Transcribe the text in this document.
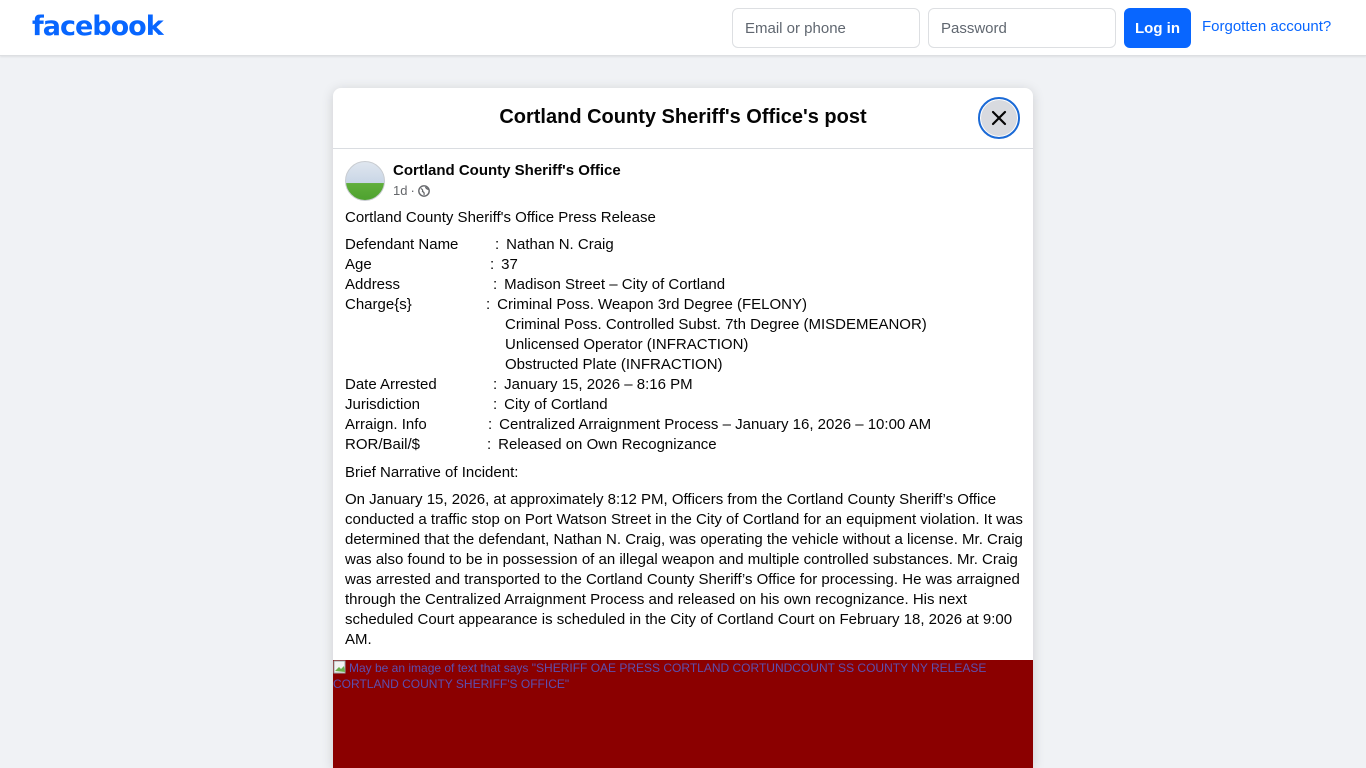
facebook
Email or phone	Log in	Forgotten account?
Cortland County Sheriff's Office's post
Cortland County Sheriff's Office
1d ·
Cortland County Sheriff's Office Press Release
Defendant Name	: Nathan N. Craig
Age	: 37
Address	: Madison Street – City of Cortland
Charge{s}	: Criminal Poss. Weapon 3rd Degree (FELONY)
Criminal Poss. Controlled Subst. 7th Degree (MISDEMEANOR)
Unlicensed Operator (INFRACTION)
Obstructed Plate (INFRACTION)
Date Arrested	: January 15, 2026 – 8:16 PM
Jurisdiction	: City of Cortland
Arraign. Info	: Centralized Arraignment Process – January 16, 2026 – 10:00 AM
ROR/Bail/$	: Released on Own Recognizance
Brief Narrative of Incident:
On January 15, 2026, at approximately 8:12 PM, Officers from the Cortland County Sheriff’s Office conducted a traffic stop on Port Watson Street in the City of Cortland for an equipment violation. It was determined that the defendant, Nathan N. Craig, was operating the vehicle without a license. Mr. Craig was also found to be in possession of an illegal weapon and multiple controlled substances. Mr. Craig was arrested and transported to the Cortland County Sheriff’s Office for processing. He was arraigned through the Centralized Arraignment Process and released on his own recognizance. His next scheduled Court appearance is scheduled in the City of Cortland Court on February 18, 2026 at 9:00 AM.
May be an image of text that says "SHERIFF OAE PRESS CORTLAND CORTUNDCOUNT SS COUNTY NY RELEASE CORTLAND COUNTY SHERIFF'S OFFICE"
